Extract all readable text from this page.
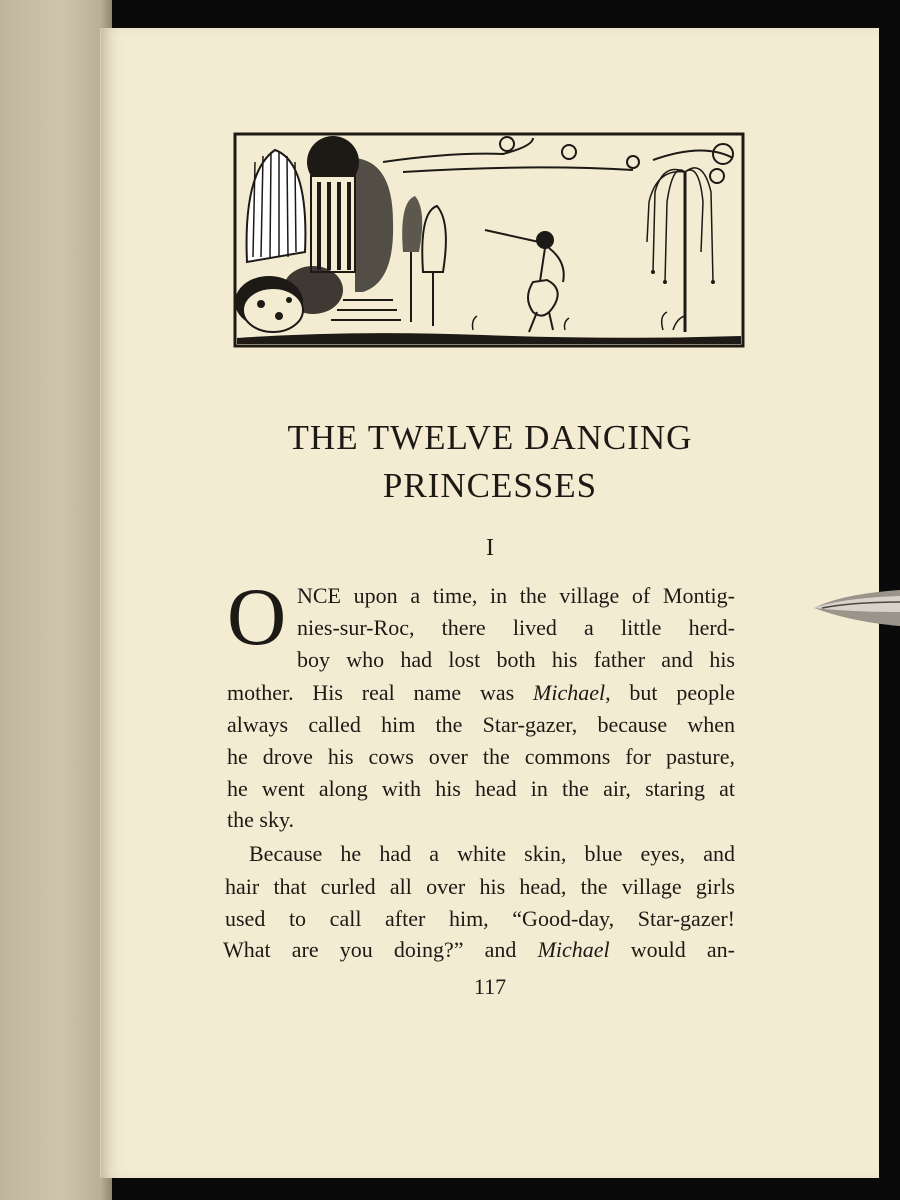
THE TWELVE DANCING
PRINCESSES
I
O NCE upon a time, in the village of Montig-
nies-sur-Roc, there lived a little herd-
boy who had lost both his father and his
mother. His real name was Michael, but people
always called him the Star-gazer, because when
he drove his cows over the commons for pasture,
he went along with his head in the air, staring at
the sky.
Because he had a white skin, blue eyes, and
hair that curled all over his head, the village girls
used to call after him, “Good-day, Star-gazer!
What are you doing?” and Michael would an-
117
